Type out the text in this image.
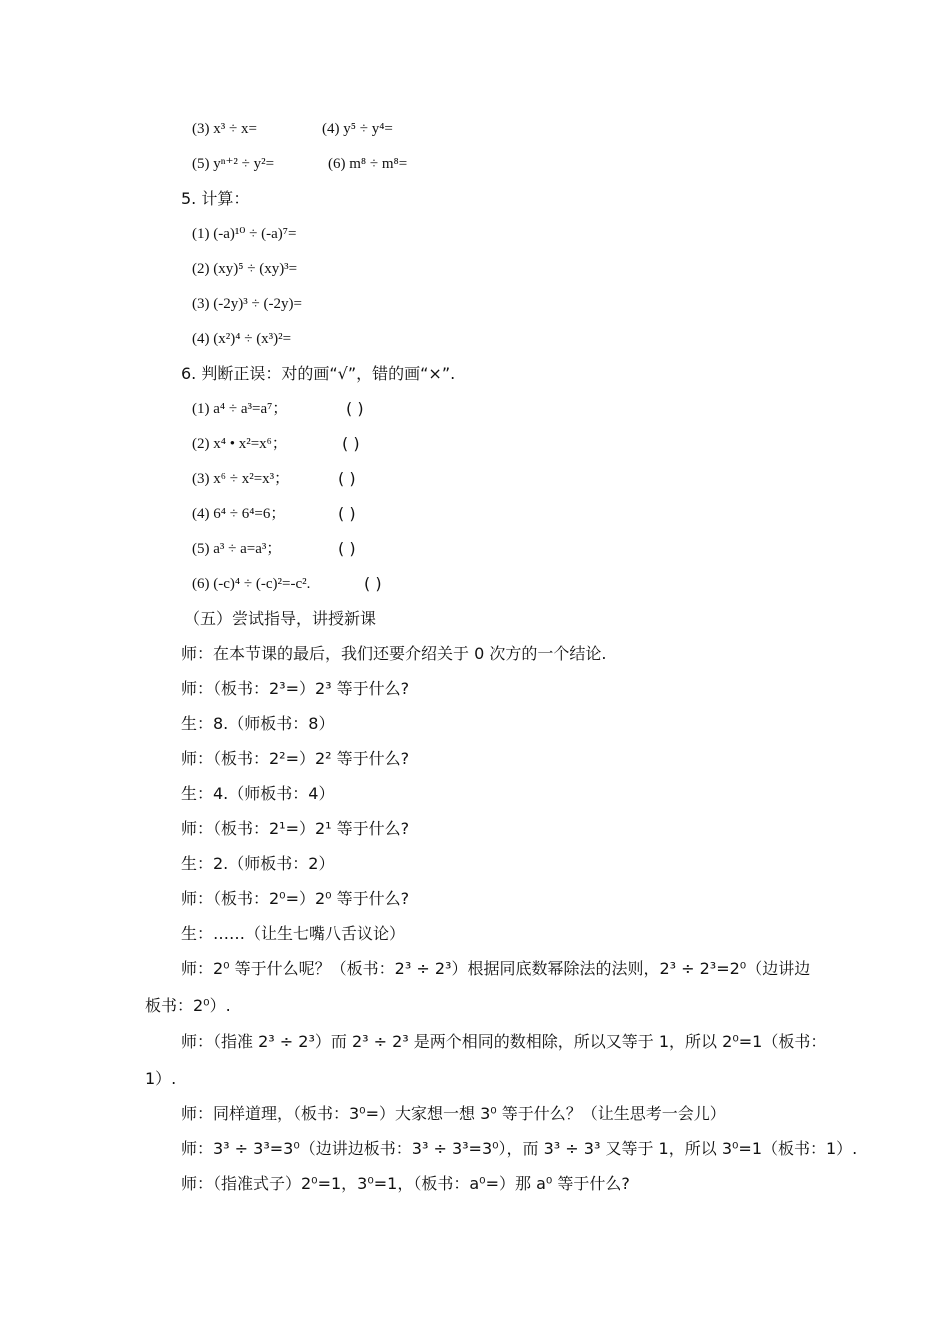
(3) x³ ÷ x=	(4) y⁵ ÷ y⁴=
(5) yⁿ⁺² ÷ y²=	(6) m⁸ ÷ m⁸=
5. 计算：
(1) (-a)¹⁰ ÷ (-a)⁷=
(2) (xy)⁵ ÷ (xy)³=
(3) (-2y)³ ÷ (-2y)=
(4) (x²)⁴ ÷ (x³)²=
6. 判断正误：对的画“√”，错的画“×”.
(1) a⁴ ÷ a³=a⁷；	( )
(2) x⁴ • x²=x⁶；	( )
(3) x⁶ ÷ x²=x³；	( )
(4) 6⁴ ÷ 6⁴=6；	( )
(5) a³ ÷ a=a³；	( )
(6) (-c)⁴ ÷ (-c)²=-c².	( )
（五）尝试指导，讲授新课
师：在本节课的最后，我们还要介绍关于 0 次方的一个结论.
师：（板书：2³=）2³ 等于什么?
生：8.（师板书：8）
师：（板书：2²=）2² 等于什么?
生：4.（师板书：4）
师：（板书：2¹=）2¹ 等于什么?
生：2.（师板书：2）
师：（板书：2⁰=）2⁰ 等于什么?
生：……（让生七嘴八舌议论）
师：2⁰ 等于什么呢？（板书：2³ ÷ 2³）根据同底数幂除法的法则，2³ ÷ 2³=2⁰（边讲边
板书：2⁰）.
师：（指准 2³ ÷ 2³）而 2³ ÷ 2³ 是两个相同的数相除，所以又等于 1，所以 2⁰=1（板书：
1）.
师：同样道理，（板书：3⁰=）大家想一想 3⁰ 等于什么？（让生思考一会儿）
师：3³ ÷ 3³=3⁰（边讲边板书：3³ ÷ 3³=3⁰），而 3³ ÷ 3³ 又等于 1，所以 3⁰=1（板书：1）.
师：（指准式子）2⁰=1，3⁰=1，（板书：a⁰=）那 a⁰ 等于什么?
